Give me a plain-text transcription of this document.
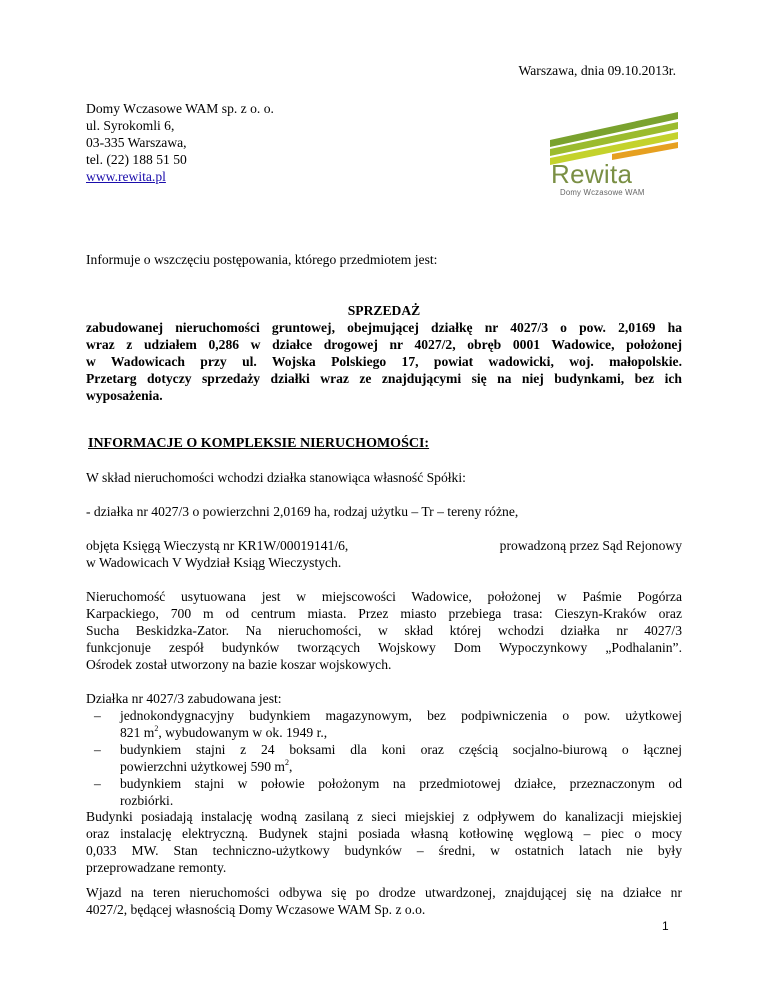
Warszawa, dnia 09.10.2013r.
Domy Wczasowe WAM sp. z o. o.
ul. Syrokomli 6,
03-335 Warszawa,
tel. (22) 188 51 50
www.rewita.pl	Rewita
Domy Wczasowe WAM
Informuje o wszczęciu postępowania, którego przedmiotem jest:
SPRZEDAŻ
zabudowanej nieruchomości gruntowej, obejmującej działkę nr 4027/3 o pow. 2,0169 ha
wraz z udziałem 0,286 w działce drogowej nr 4027/2, obręb 0001 Wadowice, położonej
w Wadowicach przy ul. Wojska Polskiego 17, powiat wadowicki, woj. małopolskie.
Przetarg dotyczy sprzedaży działki wraz ze znajdującymi się na niej budynkami, bez ich
wyposażenia.
INFORMACJE O KOMPLEKSIE NIERUCHOMOŚCI:
W skład nieruchomości wchodzi działka stanowiąca własność Spółki:
- działka nr 4027/3 o powierzchni 2,0169 ha, rodzaj użytku – Tr – tereny różne,
objęta Księgą Wieczystą nr KR1W/00019141/6,	prowadzoną przez Sąd Rejonowy
w Wadowicach V Wydział Ksiąg Wieczystych.
Nieruchomość usytuowana jest w miejscowości Wadowice, położonej w Paśmie Pogórza
Karpackiego, 700 m od centrum miasta. Przez miasto przebiega trasa: Cieszyn-Kraków oraz
Sucha Beskidzka-Zator. Na nieruchomości, w skład której wchodzi działka nr 4027/3
funkcjonuje zespół budynków tworzących Wojskowy Dom Wypoczynkowy „Podhalanin”.
Ośrodek został utworzony na bazie koszar wojskowych.
Działka nr 4027/3 zabudowana jest:
– jednokondygnacyjny budynkiem magazynowym, bez podpiwniczenia o pow. użytkowej
821 $m^2$, wybudowanym w ok. 1949 r.,
– budynkiem stajni z 24 boksami dla koni oraz częścią socjalno-biurową o łącznej
powierzchni użytkowej 590 $m^2$,
– budynkiem stajni w połowie położonym na przedmiotowej działce, przeznaczonym od
rozbiórki.
Budynki posiadają instalację wodną zasilaną z sieci miejskiej z odpływem do kanalizacji miejskiej
oraz instalację elektryczną. Budynek stajni posiada własną kotłowinę węglową – piec o mocy
0,033 MW. Stan techniczno-użytkowy budynków – średni, w ostatnich latach nie były
przeprowadzane remonty.
Wjazd na teren nieruchomości odbywa się po drodze utwardzonej, znajdującej się na działce nr
4027/2, będącej własnością Domy Wczasowe WAM Sp. z o.o.
1
